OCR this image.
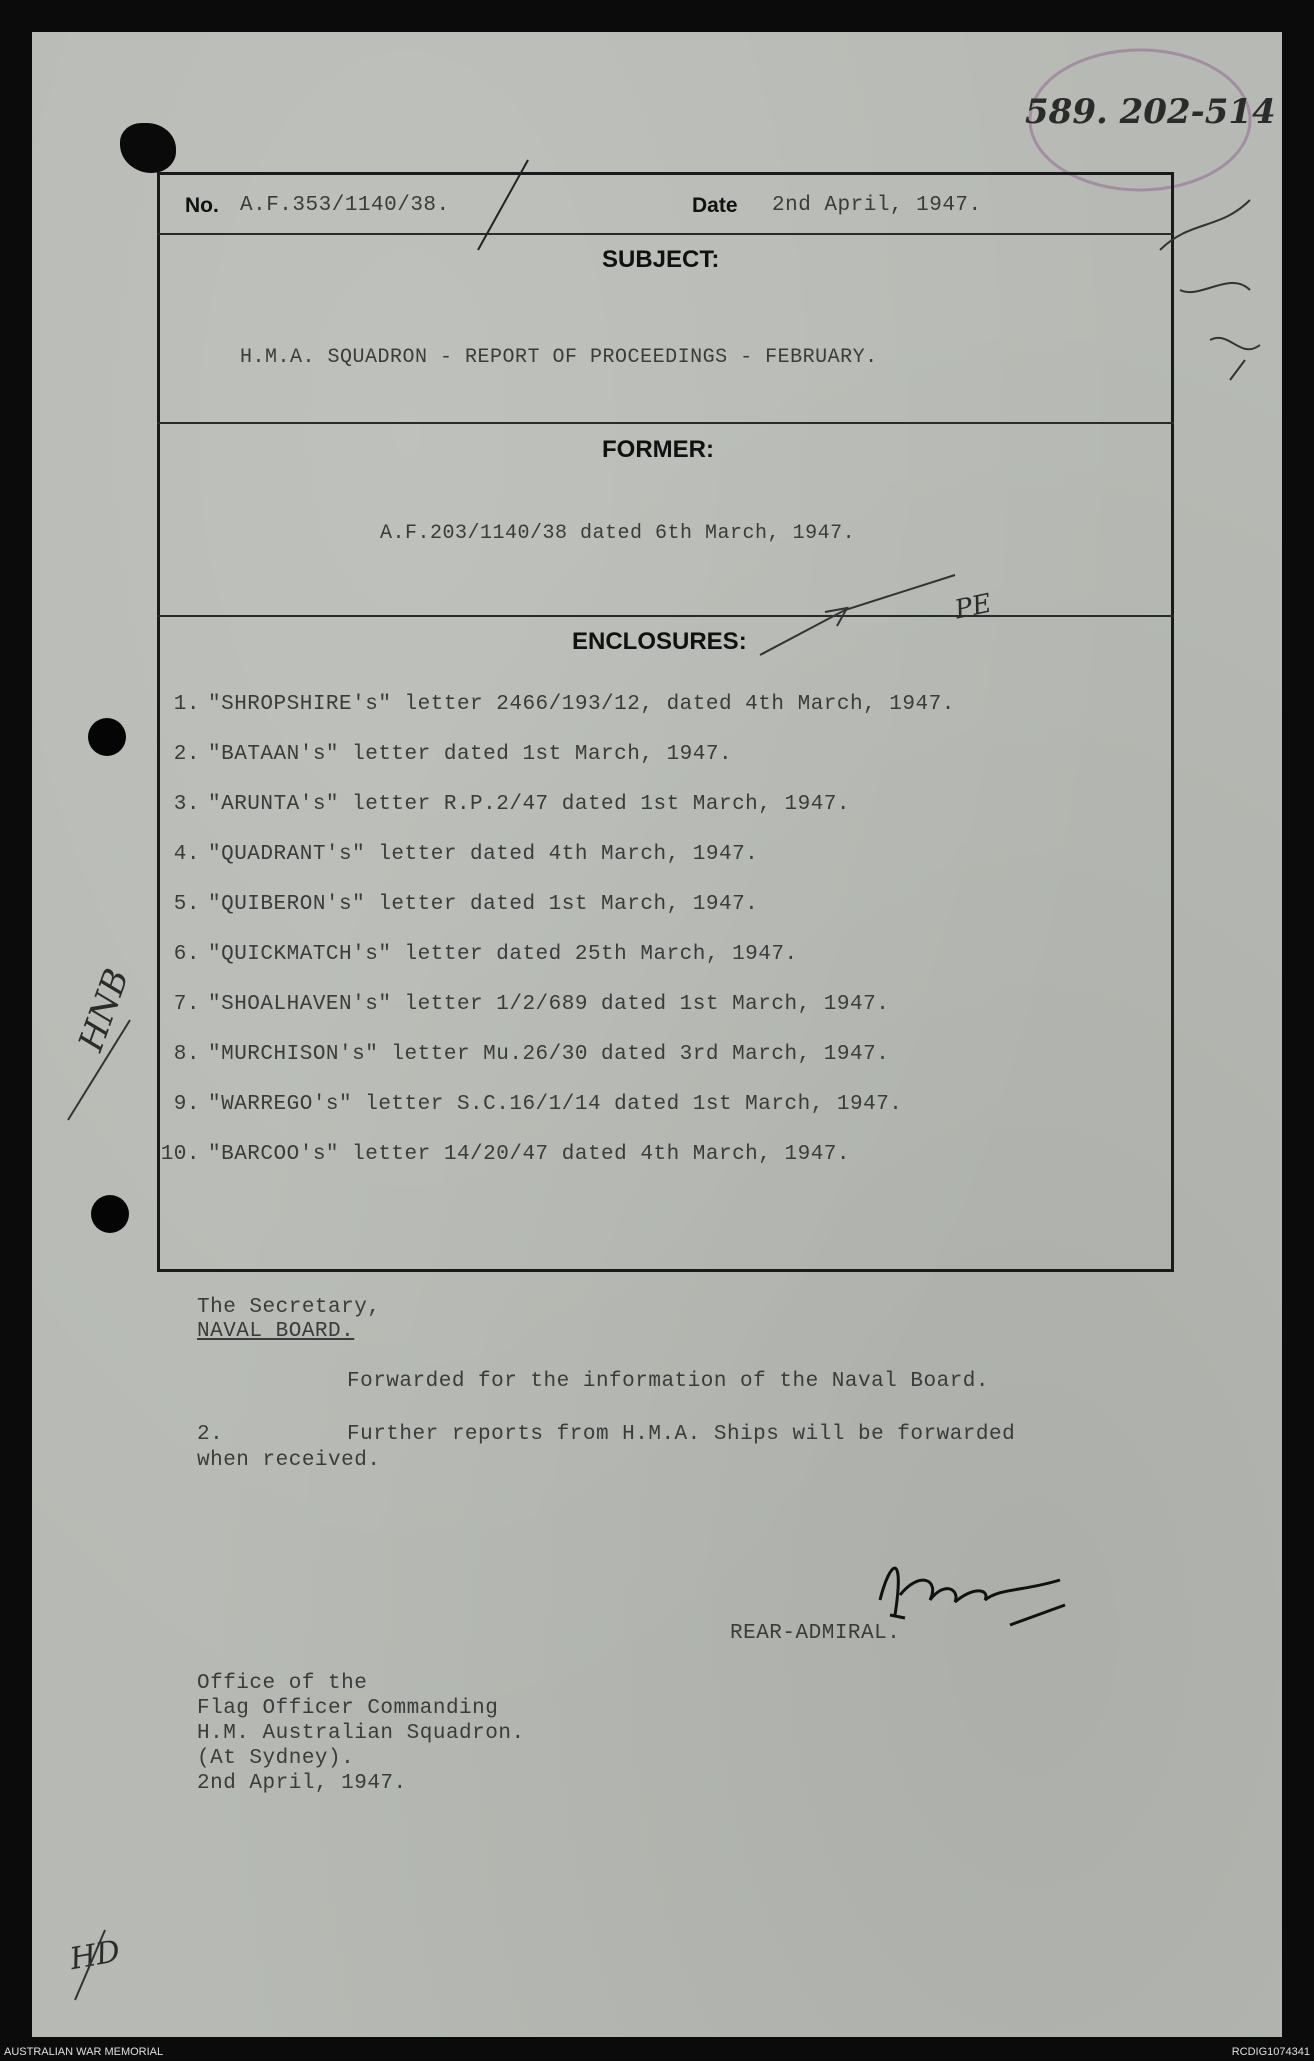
589. 202-514
No. A.F.353/1140/38.	Date 2nd April, 1947.
SUBJECT:
H.M.A. SQUADRON - REPORT OF PROCEEDINGS - FEBRUARY.
FORMER:
A.F.203/1140/38 dated 6th March, 1947.
PE
ENCLOSURES:
1. "SHROPSHIRE's" letter 2466/193/12, dated 4th March, 1947.
2. "BATAAN's" letter dated 1st March, 1947.
3. "ARUNTA's" letter R.P.2/47 dated 1st March, 1947.
4. "QUADRANT's" letter dated 4th March, 1947.
5. "QUIBERON's" letter dated 1st March, 1947.
6. "QUICKMATCH's" letter dated 25th March, 1947.
7. "SHOALHAVEN's" letter 1/2/689 dated 1st March, 1947.
8. "MURCHISON's" letter Mu.26/30 dated 3rd March, 1947.
9. "WARREGO's" letter S.C.16/1/14 dated 1st March, 1947.
10. "BARCOO's" letter 14/20/47 dated 4th March, 1947.
HNB
The Secretary,
NAVAL BOARD.
Forwarded for the information of the Naval Board.
2.	Further reports from H.M.A. Ships will be forwarded
when received.
REAR-ADMIRAL.
Office of the
Flag Officer Commanding
H.M. Australian Squadron.
(At Sydney).
2nd April, 1947.
HD
AUSTRALIAN WAR MEMORIAL	RCDIG1074341
